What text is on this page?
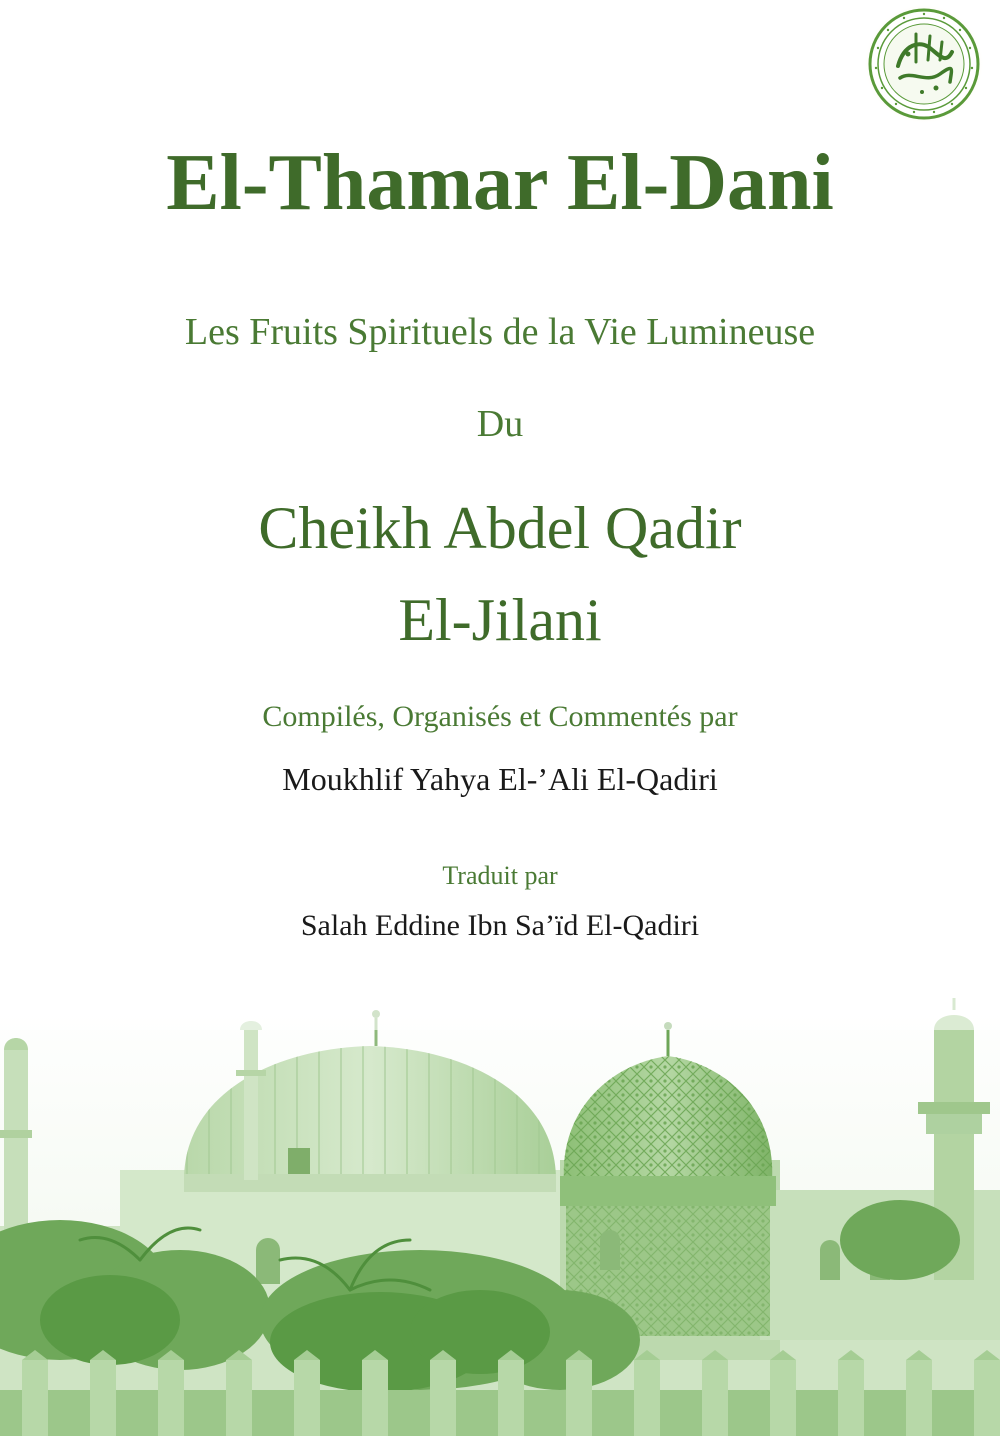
El-Thamar El-Dani
Les Fruits Spirituels de la Vie Lumineuse
Du
Cheikh Abdel Qadir
El-Jilani
Compilés, Organisés et Commentés par
Moukhlif Yahya El-’Ali El-Qadiri
Traduit par
Salah Eddine Ibn Sa’ïd El-Qadiri
